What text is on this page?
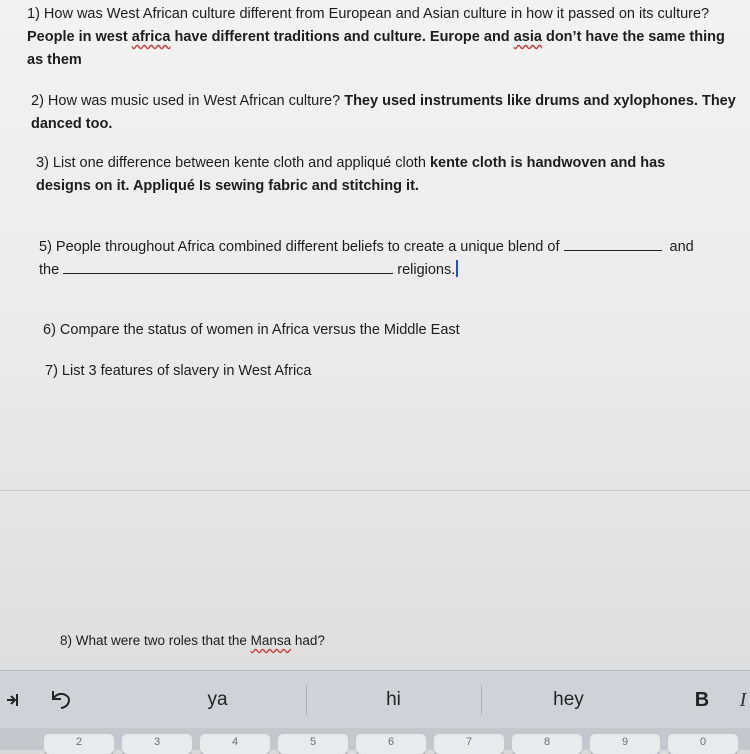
1) How was West African culture different from European and Asian culture in how it passed on its culture? People in west africa have different traditions and culture. Europe and asia don’t have the same thing as them
2) How was music used in West African culture? They used instruments like drums and xylophones. They danced too.
3) List one difference between kente cloth and appliqué cloth kente cloth is handwoven and has designs on it. Appliqué Is sewing fabric and stitching it.
5) People throughout Africa combined different beliefs to create a unique blend of	and
the	religions.
6) Compare the status of women in Africa versus the Middle East
7) List 3 features of slavery in West Africa
8) What were two roles that the Mansa had?
ya	hi	hey	B I
2	3	4	5	6	7	8	9	0
